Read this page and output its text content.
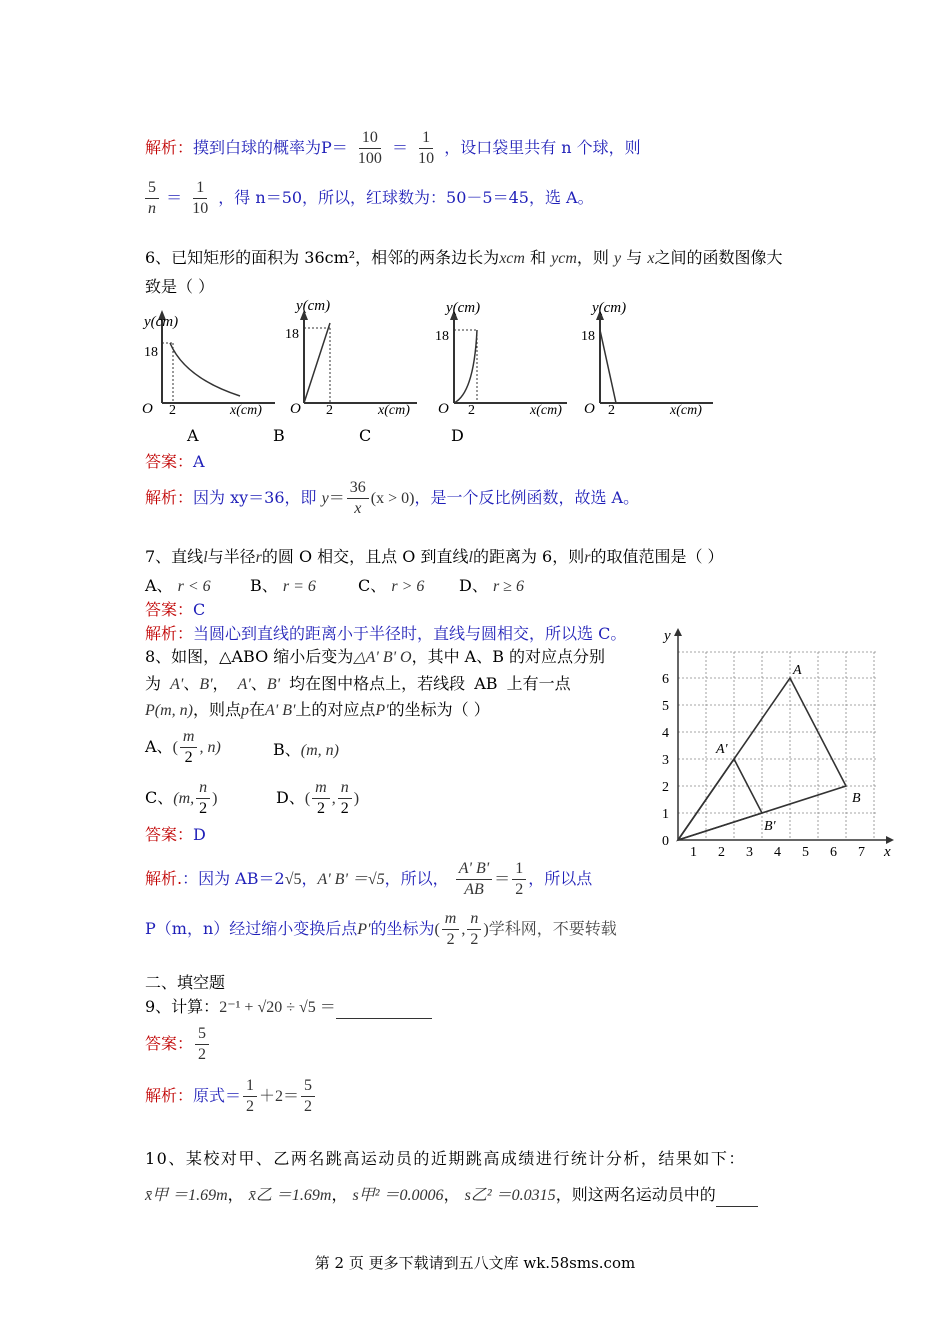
解析：摸到白球的概率为$P= \frac{10}{100} = \frac{1}{10}$ ，设口袋里共有 n 个球，则
$\frac{5}{n} = \frac{1}{10}$ ，得 n＝50，所以，红球数为：50－5＝45，选 A。
6、已知矩形的面积为 36cm²，相邻的两条边长为xcm 和 ycm，则 y 与 x之间的函数图像大
致是（ ）
y(cm)
18
O 2	x(cm)
y(cm)
18
O 2	x(cm)
y(cm)
18
O 2	x(cm)
y(cm)
18
O 2	x(cm)
A	B	C	D
答案：A
解析：因为 xy＝36，即 $y= \frac{36}{x} (x > 0)$，是一个反比例函数，故选 A。
7、直线l与半径r的圆 O 相交，且点 O 到直线l的距离为 6，则r的取值范围是（ ）
A、 r < 6 B、 r = 6	C、 r > 6 D、 r ≥ 6
答案：C
解析：当圆心到直线的距离小于半径时，直线与圆相交，所以选 C。
8、如图，△ABO 缩小后变为△A' B' O，其中 A、B 的对应点分别
为 A'、B'， A'、B' 均在图中格点上，若线段 AB 上有一点
P(m, n)，则点p在A' B'上的对应点P'的坐标为（ ）
A、( $\frac{m}{2}$ , n)	B、(m, n)
C、(m, $\frac{n}{2}$ )	D、( $\frac{m}{2}$ , $\frac{n}{2}$ )
答案：D
解析.：因为 AB＝2√5，A' B' ＝√5，所以， $\frac{A' B'}{AB} = \frac{1}{2}$ ，所以点
P（m，n）经过缩小变换后点P'的坐标为( $\frac{m}{2}$ , $\frac{n}{2}$ )学科网，不要转载
1 2 3 4 5 6 7 x
0
1
2
3
4
5
6
y
A
B
A'
B'
二、填空题
9、计算：2⁻¹ + √20 ÷ √5 ＝
答案： $\frac{5}{2}$
解析：原式＝ $\frac{1}{2} +2= \frac{5}{2}$
10、某校对甲、乙两名跳高运动员的近期跳高成绩进行统计分析，结果如下：
x̄甲 ＝1.69m， x̄乙 ＝1.69m， s甲² ＝0.0006， s乙² ＝0.0315，则这两名运动员中的
第 2 页 更多下载请到五八文库 wk.58sms.com
